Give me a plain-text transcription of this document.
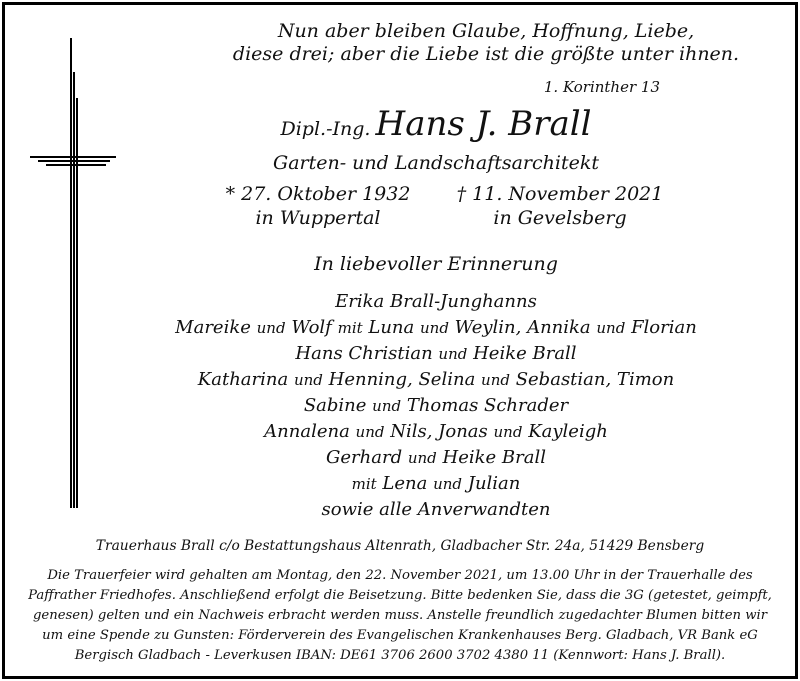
Nun aber bleiben Glaube, Hoffnung, Liebe,
diese drei; aber die Liebe ist die größte unter ihnen.
1. Korinther 13
Dipl.-Ing. Hans J. Brall
Garten- und Landschaftsarchitekt
* 27. Oktober 1932
in Wuppertal
† 11. November 2021
in Gevelsberg
In liebevoller Erinnerung
Erika Brall-Junghanns
Mareike und Wolf mit Luna und Weylin, Annika und Florian
Hans Christian und Heike Brall
Katharina und Henning, Selina und Sebastian, Timon
Sabine und Thomas Schrader
Annalena und Nils, Jonas und Kayleigh
Gerhard und Heike Brall
mit Lena und Julian
sowie alle Anverwandten
Trauerhaus Brall c/o Bestattungshaus Altenrath, Gladbacher Str. 24a, 51429 Bensberg
Die Trauerfeier wird gehalten am Montag, den 22. November 2021, um 13.00 Uhr in der Trauerhalle des
Paffrather Friedhofes. Anschließend erfolgt die Beisetzung. Bitte bedenken Sie, dass die 3G (getestet, geimpft,
genesen) gelten und ein Nachweis erbracht werden muss. Anstelle freundlich zugedachter Blumen bitten wir
um eine Spende zu Gunsten: Förderverein des Evangelischen Krankenhauses Berg. Gladbach, VR Bank eG
Bergisch Gladbach - Leverkusen IBAN: DE61 3706 2600 3702 4380 11 (Kennwort: Hans J. Brall).
